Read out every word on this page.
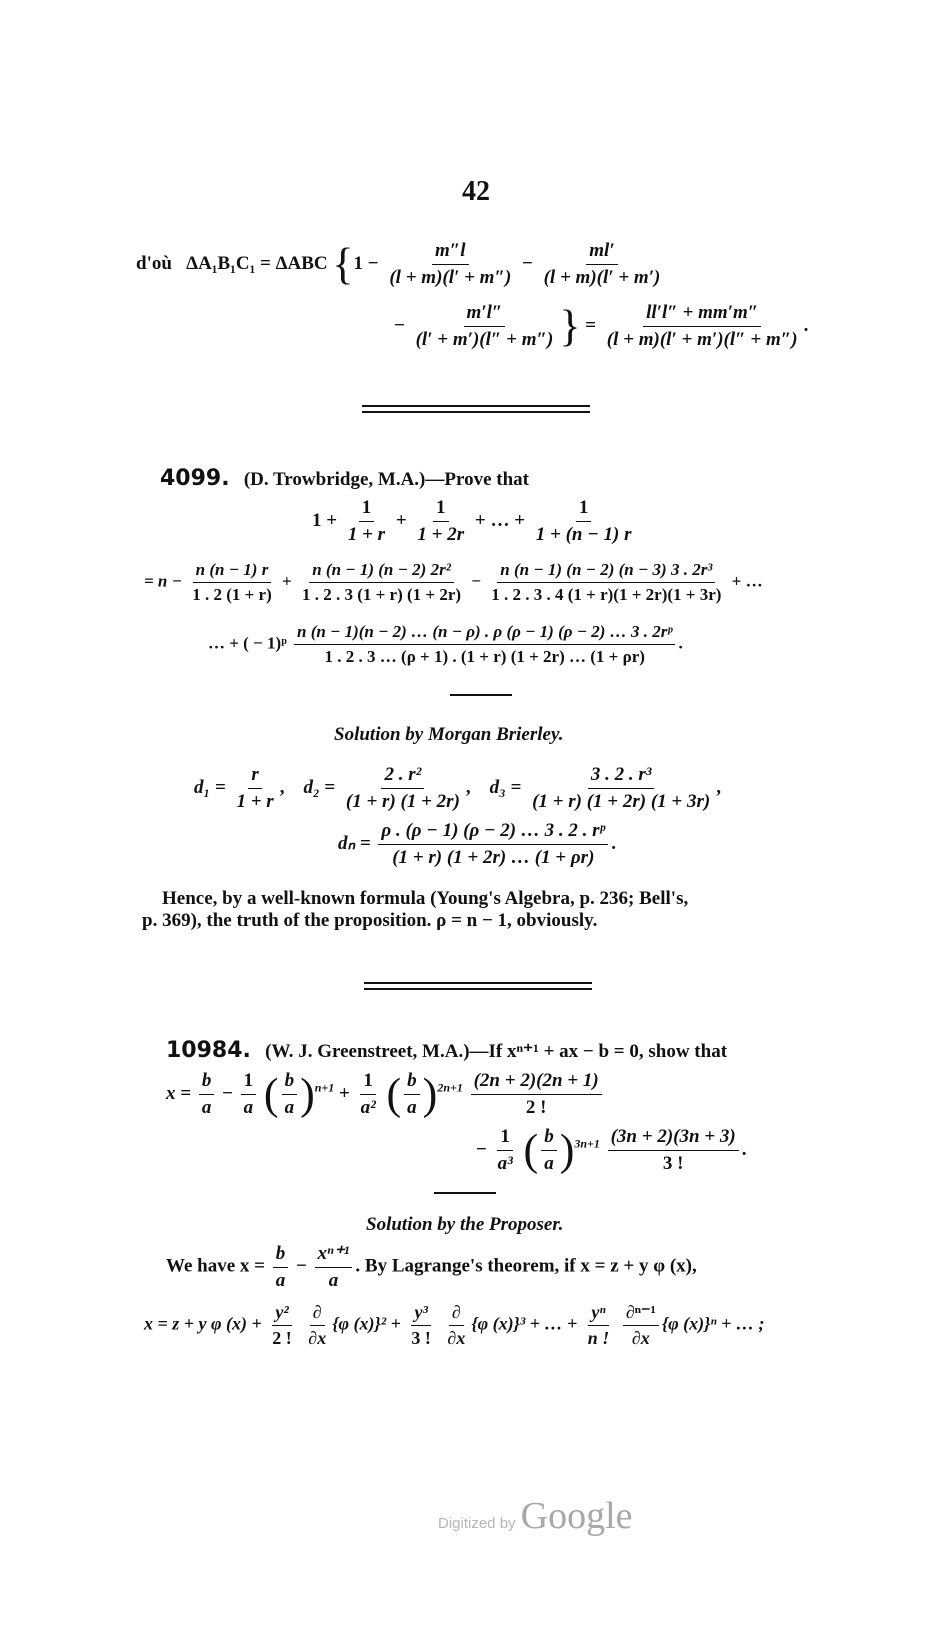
42
d'où ΔA₁B₁C₁ = ΔABC {$1 - \frac{m''l}{(l + m)(l' + m'')} - \frac{ml'}{(l + m)(l' + m')}$
− $\frac{m'l''}{(l' + m')(l'' + m'')}$ } = $\frac{ll'l'' + mm'm''}{(l + m)(l' + m')(l'' + m'')}$ .
4099. (D. Trowbridge, M.A.)—Prove that
$1 + \frac{1}{1 + r} + \frac{1}{1 + 2r}$ + … + $\frac{1}{1 + (n - 1) r}$
= $n - \frac{n (n - 1) r}{1 . 2 (1 + r)} + \frac{\text{n (n − 1) (n − 2) 2r²}}{1 . 2 . 3 (1 + r) (1 + 2r)} - \frac{\text{n (n − 1) (n − 2) (n − 3) 3 . 2r³}}{1 . 2 . 3 . 4 (1 + r)(1 + 2r)(1 + 3r)}$ + …
… + ( − 1)ᵖ $\frac{\text{n (n − 1)(n − 2) … (n − ρ) . ρ (ρ − 1) (ρ − 2) … 3 . 2rᵖ}}{1 . 2 . 3 \dots (\rho + 1) . (1 + r) (1 + 2r) \dots (1 + \rho r)}$ .
Solution by Morgan Brierley.
$d_1 = \frac{r}{1 + r}$ ,    $d_2 = \frac{\text{2 . r²}}{(1 + r) (1 + 2r)}$ ,    $d_3 = \frac{\text{3 . 2 . r³}}{(1 + r) (1 + 2r) (1 + 3r)}$ ,
$d_n = \frac{\text{ρ . (ρ − 1) (ρ − 2) … 3 . 2 . rᵖ}}{(1 + r) (1 + 2r) \dots (1 + \rho r)}$ .
Hence, by a well-known formula (Young's Algebra, p. 236; Bell's,
p. 369), the truth of the proposition. ρ = n − 1, obviously.
10984. (W. J. Greenstreet, M.A.)—If xⁿ⁺¹ + ax − b = 0, show that
$x = \frac{b}{a} - \frac{1}{a}$ ( $\frac{b}{a} )^{n+1} + \frac{1}{\text{a²}}$ ( $\frac{b}{a} )^{2n+1} \frac{(2n + 2)(2n + 1)}{2 !}$
− $\frac{1}{\text{a³}}$ ( $\frac{b}{a} )^{3n+1} \frac{(3n + 2)(3n + 3)}{3 !}$ .
Solution by the Proposer.
We have $x = \frac{b}{a} - \frac{\text{xⁿ⁺¹}}{a}$ . By Lagrange's theorem, if x = z + y φ (x),
x = z + y φ $(x) + \frac{\text{y²}}{2 !}$
$\frac{\partial}{\partial x} \{\varphi$ $(x)\}^2 + \frac{\text{y³}}{3 !}$
$\frac{\partial}{\partial x} \{\varphi$ (x)}³ + … + $\frac{\text{yⁿ}}{n !}$
$\frac{\text{∂ⁿ⁻¹}}{\partial x} \{\varphi$ (x)}ⁿ + … ;
Digitized by Google
